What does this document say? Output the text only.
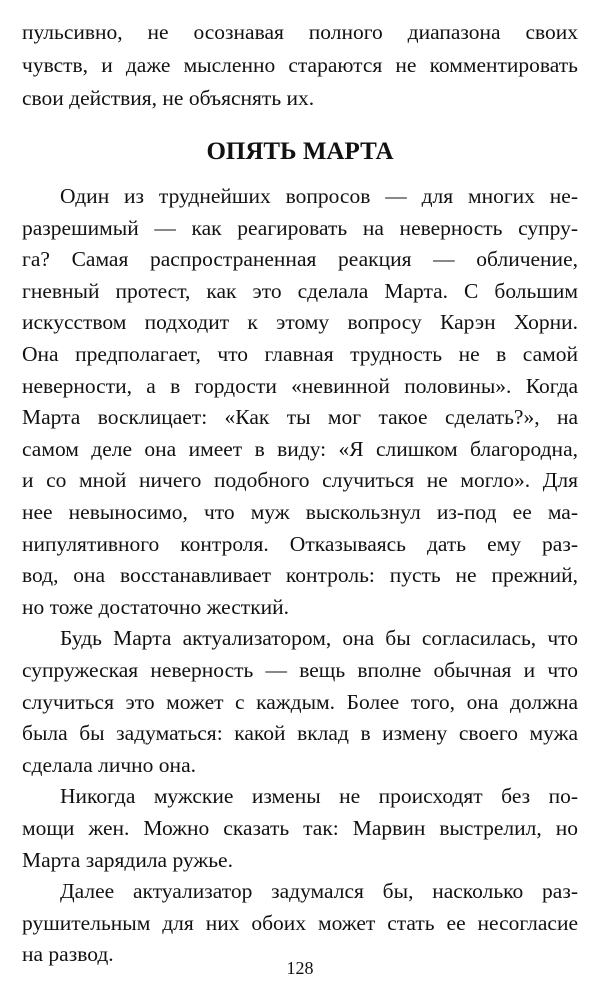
пульсивно, не осознавая полного диапазона своих
чувств, и даже мысленно стараются не комментировать
свои действия, не объяснять их.
ОПЯТЬ МАРТА
Один из труднейших вопросов — для многих не-
разрешимый — как реагировать на неверность супру-
га? Самая распространенная реакция — обличение,
гневный протест, как это сделала Марта. С большим
искусством подходит к этому вопросу Карэн Хорни.
Она предполагает, что главная трудность не в самой
неверности, а в гордости «невинной половины». Когда
Марта восклицает: «Как ты мог такое сделать?», на
самом деле она имеет в виду: «Я слишком благородна,
и со мной ничего подобного случиться не могло». Для
нее невыносимо, что муж выскользнул из-под ее ма-
нипулятивного контроля. Отказываясь дать ему раз-
вод, она восстанавливает контроль: пусть не прежний,
но тоже достаточно жесткий.
Будь Марта актуализатором, она бы согласилась, что
супружеская неверность — вещь вполне обычная и что
случиться это может с каждым. Более того, она должна
была бы задуматься: какой вклад в измену своего мужа
сделала лично она.
Никогда мужские измены не происходят без по-
мощи жен. Можно сказать так: Марвин выстрелил, но
Марта зарядила ружье.
Далее актуализатор задумался бы, насколько раз-
рушительным для них обоих может стать ее несогласие
на развод.
128
